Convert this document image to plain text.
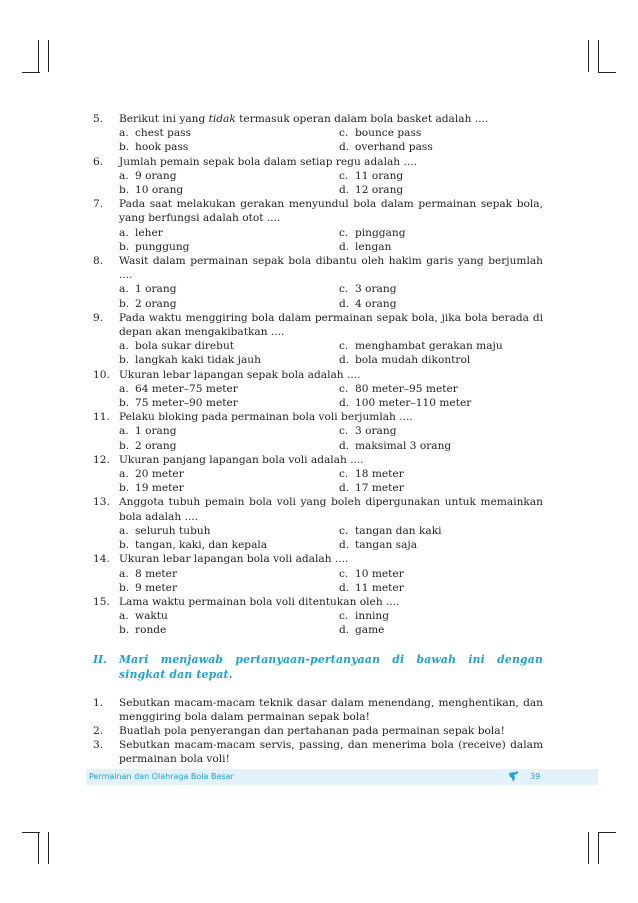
5.	Berikut ini yang tidak termasuk operan dalam bola basket adalah ....
a. chest pass	c. bounce pass
b. hook pass	d. overhand pass
6.	Jumlah pemain sepak bola dalam setiap regu adalah ....
a. 9 orang	c. 11 orang
b. 10 orang	d. 12 orang
7.	Pada saat melakukan gerakan menyundul bola dalam permainan sepak bola, yang berfungsi adalah otot ....
a. leher	c. pinggang
b. punggung	d. lengan
8.	Wasit dalam permainan sepak bola dibantu oleh hakim garis yang berjumlah ....
a. 1 orang	c. 3 orang
b. 2 orang	d. 4 orang
9.	Pada waktu menggiring bola dalam permainan sepak bola, jika bola berada di depan akan mengakibatkan ....
a. bola sukar direbut	c. menghambat gerakan maju
b. langkah kaki tidak jauh	d. bola mudah dikontrol
10. Ukuran lebar lapangan sepak bola adalah ....
a. 64 meter–75 meter	c. 80 meter–95 meter
b. 75 meter–90 meter	d. 100 meter–110 meter
11. Pelaku bloking pada permainan bola voli berjumlah ....
a. 1 orang	c. 3 orang
b. 2 orang	d. maksimal 3 orang
12. Ukuran panjang lapangan bola voli adalah ....
a. 20 meter	c. 18 meter
b. 19 meter	d. 17 meter
13. Anggota tubuh pemain bola voli yang boleh dipergunakan untuk memainkan bola adalah ....
a. seluruh tubuh	c. tangan dan kaki
b. tangan, kaki, dan kepala	d. tangan saja
14. Ukuran lebar lapangan bola voli adalah ....
a. 8 meter	c. 10 meter
b. 9 meter	d. 11 meter
15. Lama waktu permainan bola voli ditentukan oleh ....
a. waktu	c. inning
b. ronde	d. game
II.	Mari menjawab pertanyaan-pertanyaan di bawah ini dengan singkat dan tepat.
1.	Sebutkan macam-macam teknik dasar dalam menendang, menghentikan, dan menggiring bola dalam permainan sepak bola!
2.	Buatlah pola penyerangan dan pertahanan pada permainan sepak bola!
3.	Sebutkan macam-macam servis, passing, dan menerima bola (receive) dalam permainan bola voli!
Permainan dan Olahraga Bola Besar	39
